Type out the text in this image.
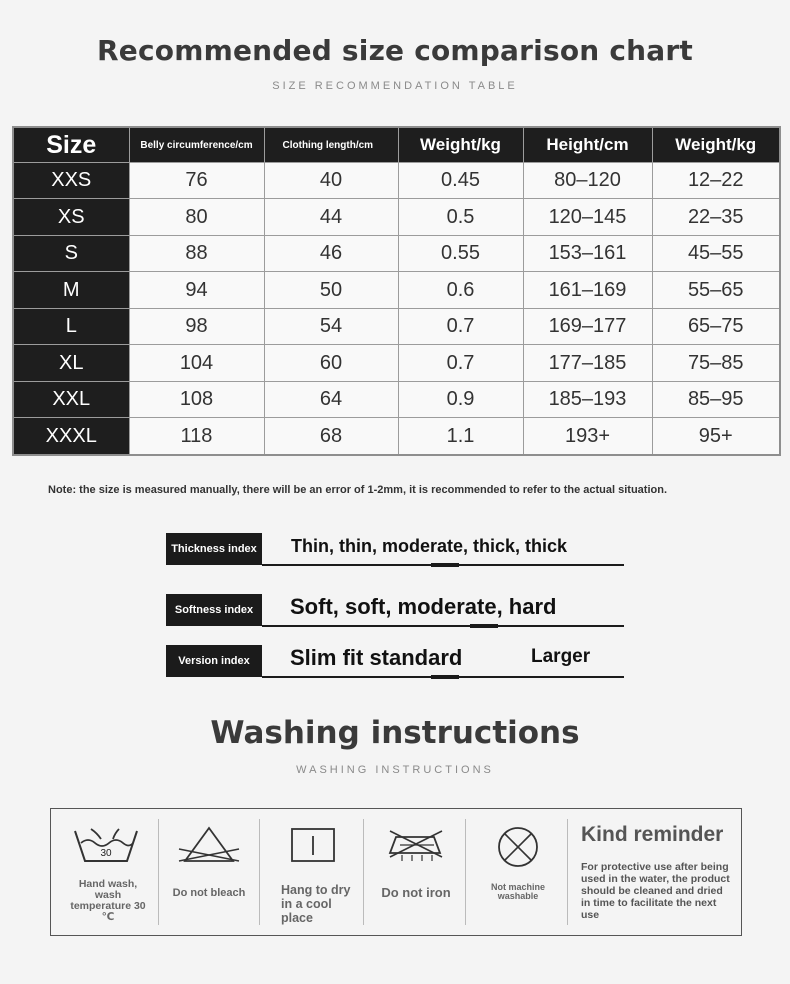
Recommended size comparison chart
SIZE RECOMMENDATION TABLE
Size	Belly circumference/cm	Clothing length/cm	Weight/kg	Height/cm	Weight/kg
XXS	76	40	0.45	80–120	12–22
XS	80	44	0.5	120–145	22–35
S	88	46	0.55	153–161	45–55
M	94	50	0.6	161–169	55–65
L	98	54	0.7	169–177	65–75
XL	104	60	0.7	177–185	75–85
XXL	108	64	0.9	185–193	85–95
XXXL	118	68	1.1	193+	95+
Note: the size is measured manually, there will be an error of 1-2mm, it is recommended to refer to the actual situation.
Thickness index Thin, thin, moderate, thick, thick
Softness index	Soft, soft, moderate, hard
Version index	Slim fit standard	Larger
Washing instructions
WASHING INSTRUCTIONS
30
Hand wash, wash temperature 30 ℃
Do not bleach	Hang to dry in a cool place
Do not iron	Not machine washable
Kind reminder
For protective use after being used in the water, the product should be cleaned and dried in time to facilitate the next use
